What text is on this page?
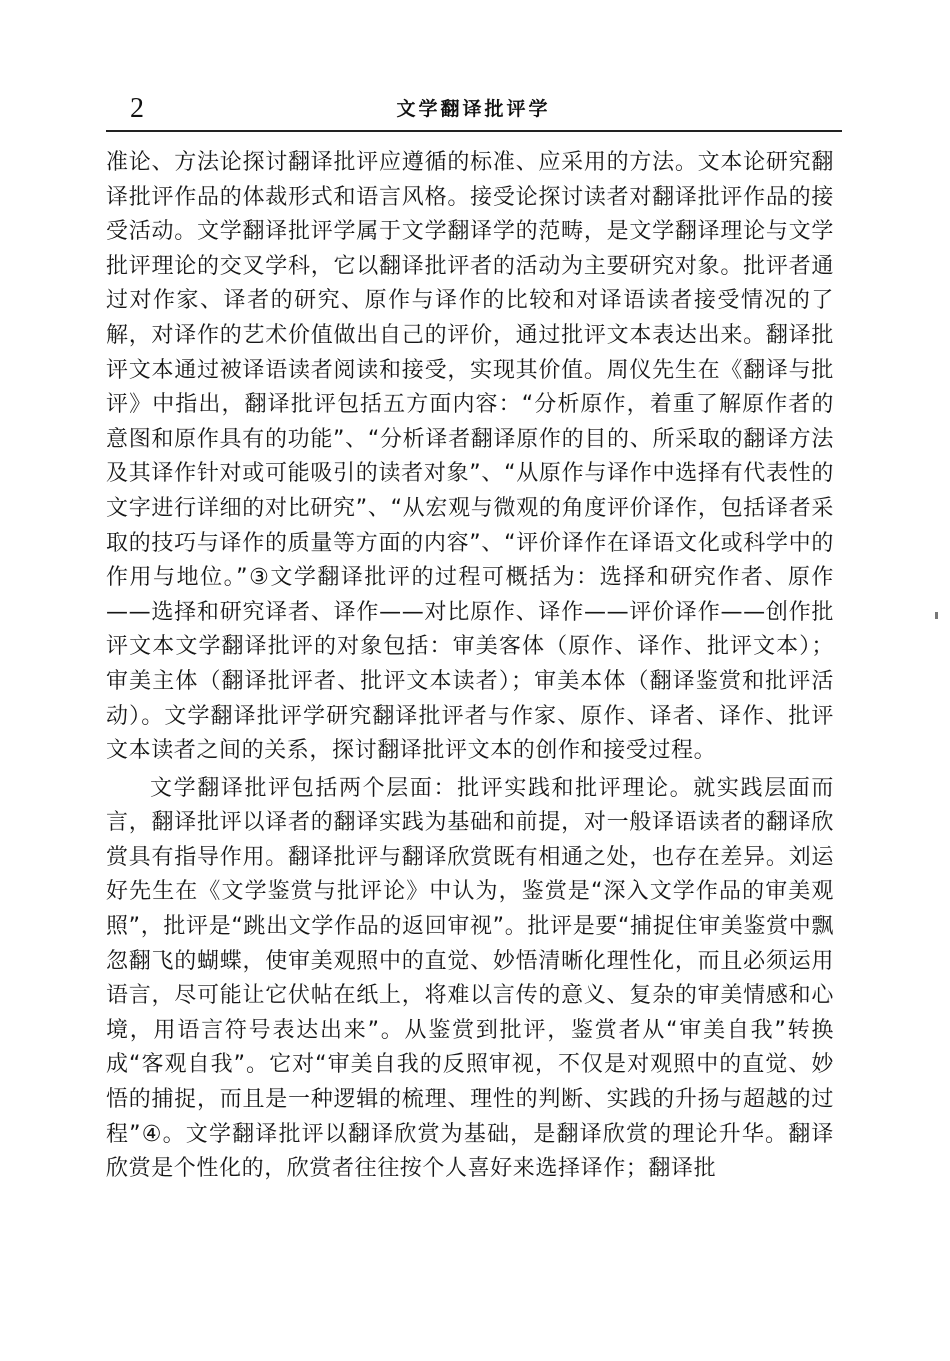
2	文学翻译批评学

准论、方法论探讨翻译批评应遵循的标准、应采用的方法。文本论研究翻译批评作品的体裁形式和语言风格。接受论探讨读者对翻译批评作品的接受活动。文学翻译批评学属于文学翻译学的范畴，是文学翻译理论与文学批评理论的交叉学科，它以翻译批评者的活动为主要研究对象。批评者通过对作家、译者的研究、原作与译作的比较和对译语读者接受情况的了解，对译作的艺术价值做出自己的评价，通过批评文本表达出来。翻译批评文本通过被译语读者阅读和接受，实现其价值。周仪先生在《翻译与批评》中指出，翻译批评包括五方面内容：“分析原作，着重了解原作者的意图和原作具有的功能”、“分析译者翻译原作的目的、所采取的翻译方法及其译作针对或可能吸引的读者对象”、“从原作与译作中选择有代表性的文字进行详细的对比研究”、“从宏观与微观的角度评价译作，包括译者采取的技巧与译作的质量等方面的内容”、“评价译作在译语文化或科学中的作用与地位。”③文学翻译批评的过程可概括为：选择和研究作者、原作——选择和研究译者、译作——对比原作、译作——评价译作——创作批评文本文学翻译批评的对象包括：审美客体（原作、译作、批评文本）；审美主体（翻译批评者、批评文本读者）；审美本体（翻译鉴赏和批评活动）。文学翻译批评学研究翻译批评者与作家、原作、译者、译作、批评文本读者之间的关系，探讨翻译批评文本的创作和接受过程。

文学翻译批评包括两个层面：批评实践和批评理论。就实践层面而言，翻译批评以译者的翻译实践为基础和前提，对一般译语读者的翻译欣赏具有指导作用。翻译批评与翻译欣赏既有相通之处，也存在差异。刘运好先生在《文学鉴赏与批评论》中认为，鉴赏是“深入文学作品的审美观照”，批评是“跳出文学作品的返回审视”。批评是要“捕捉住审美鉴赏中飘忽翻飞的蝴蝶，使审美观照中的直觉、妙悟清晰化理性化，而且必须运用语言，尽可能让它伏帖在纸上，将难以言传的意义、复杂的审美情感和心境，用语言符号表达出来”。从鉴赏到批评，鉴赏者从“审美自我”转换成“客观自我”。它对“审美自我的反照审视，不仅是对观照中的直觉、妙悟的捕捉，而且是一种逻辑的梳理、理性的判断、实践的升扬与超越的过程”④。文学翻译批评以翻译欣赏为基础，是翻译欣赏的理论升华。翻译欣赏是个性化的，欣赏者往往按个人喜好来选择译作；翻译批
